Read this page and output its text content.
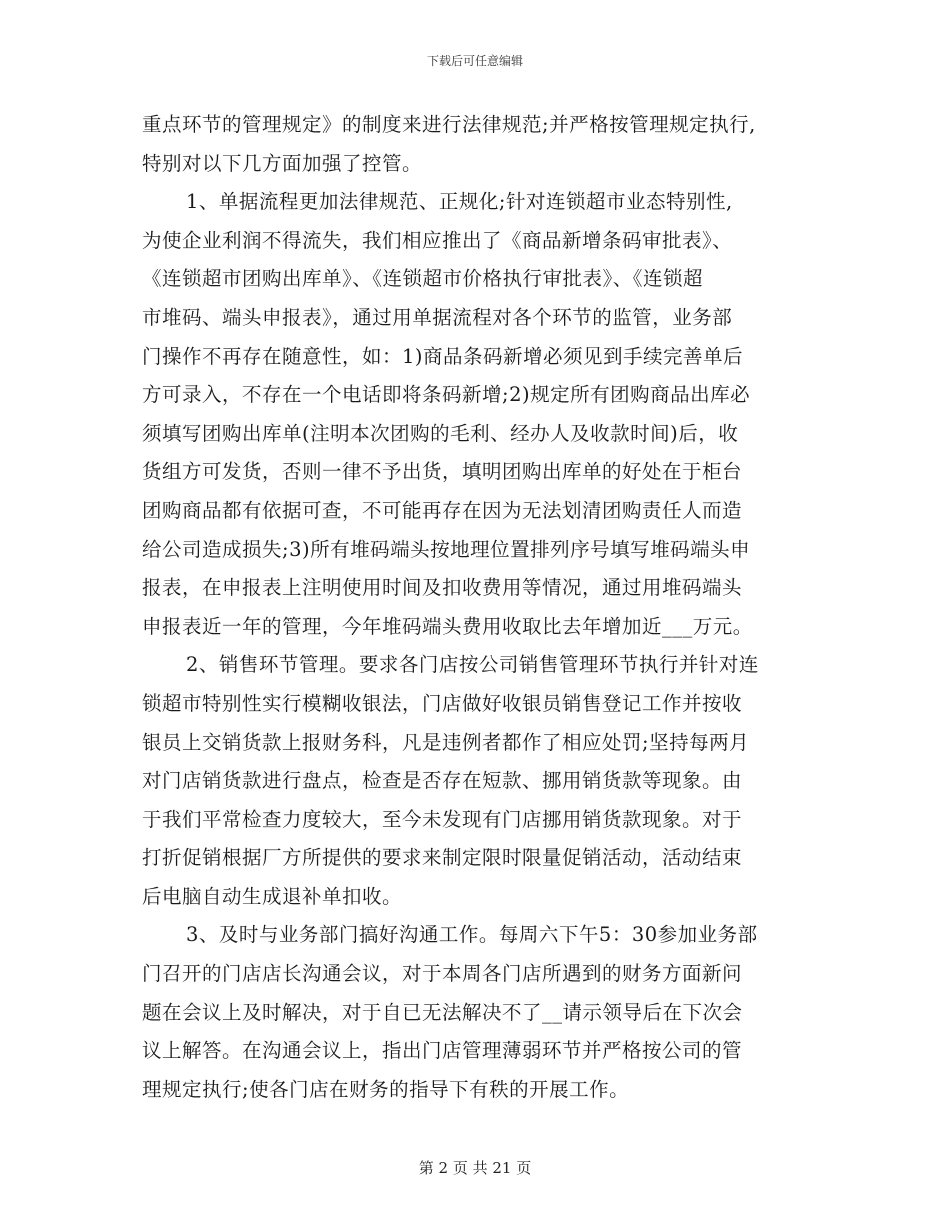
下载后可任意编辑
重点环节的管理规定》的制度来进行法律规范;并严格按管理规定执行,
特别对以下几方面加强了控管。
1、单据流程更加法律规范、正规化;针对连锁超市业态特别性,
为使企业利润不得流失，我们相应推出了《商品新增条码审批表》、
《连锁超市团购出库单》、《连锁超市价格执行审批表》、《连锁超
市堆码、端头申报表》，通过用单据流程对各个环节的监管，业务部
门操作不再存在随意性，如：1)商品条码新增必须见到手续完善单后
方可录入，不存在一个电话即将条码新增;2)规定所有团购商品出库必
须填写团购出库单(注明本次团购的毛利、经办人及收款时间)后，收
货组方可发货，否则一律不予出货，填明团购出库单的好处在于柜台
团购商品都有依据可查，不可能再存在因为无法划清团购责任人而造
给公司造成损失;3)所有堆码端头按地理位置排列序号填写堆码端头申
报表，在申报表上注明使用时间及扣收费用等情况，通过用堆码端头
申报表近一年的管理，今年堆码端头费用收取比去年增加近___万元。
2、销售环节管理。要求各门店按公司销售管理环节执行并针对连
锁超市特别性实行模糊收银法，门店做好收银员销售登记工作并按收
银员上交销货款上报财务科，凡是违例者都作了相应处罚;坚持每两月
对门店销货款进行盘点，检查是否存在短款、挪用销货款等现象。由
于我们平常检查力度较大，至今未发现有门店挪用销货款现象。对于
打折促销根据厂方所提供的要求来制定限时限量促销活动，活动结束
后电脑自动生成退补单扣收。
3、及时与业务部门搞好沟通工作。每周六下午5：30参加业务部
门召开的门店店长沟通会议，对于本周各门店所遇到的财务方面新问
题在会议上及时解决，对于自已无法解决不了__请示领导后在下次会
议上解答。在沟通会议上，指出门店管理薄弱环节并严格按公司的管
理规定执行;使各门店在财务的指导下有秩的开展工作。
第 2 页 共 21 页
